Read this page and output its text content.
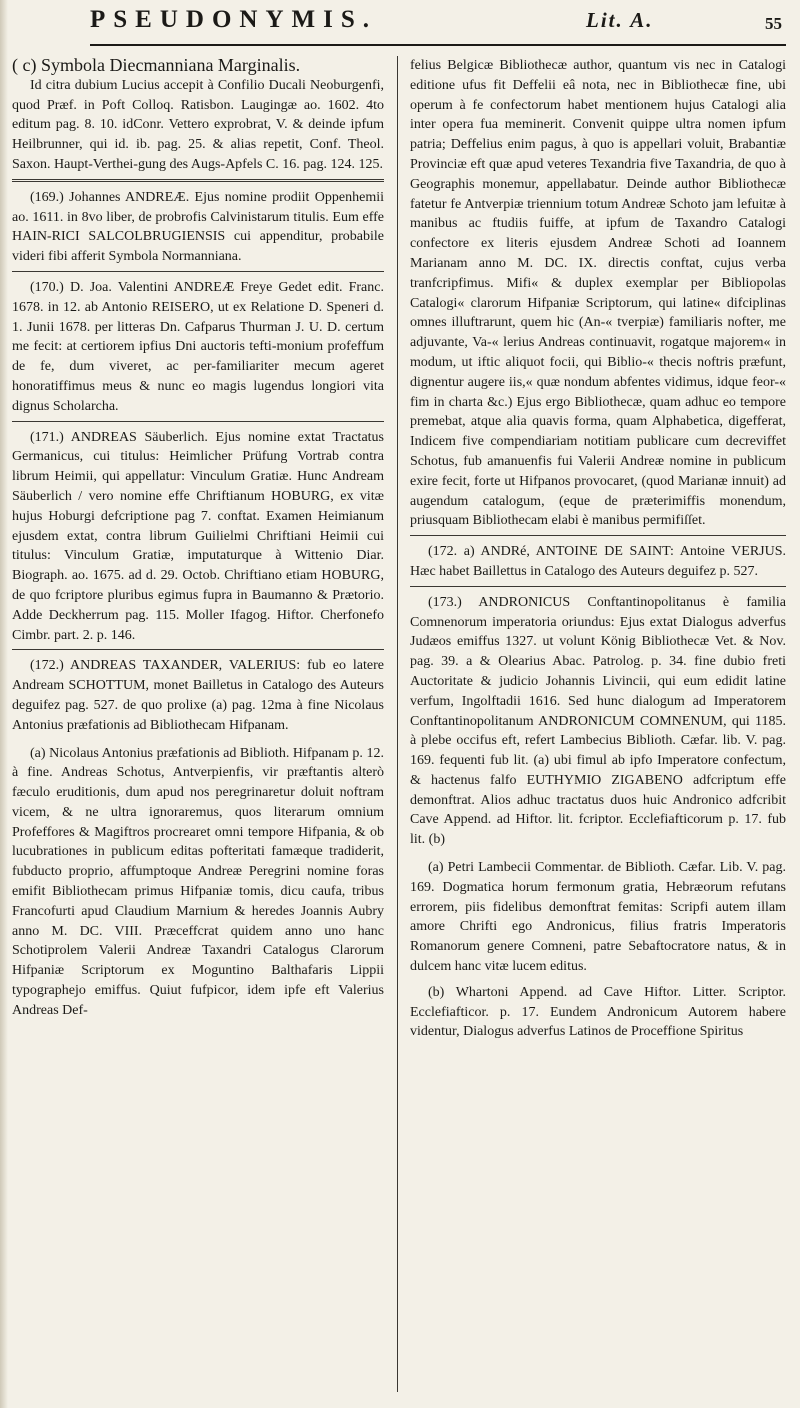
PSEUDONYMIS.	Lit. A.	55

( c) Symbola Diecmanniana Marginalis.

Id citra dubium Lucius accepit à Confilio Ducali Neoburgenfi, quod Præf. in Poft Colloq. Ratisbon. Laugingæ ao. 1602. 4to editum pag. 8. 10. idConr. Vettero exprobrat, V. & deinde ipfum Heilbrunner, qui id. ib. pag. 25. & alias repetit, Conf. Theol. Saxon. Haupt-Verthei-gung des Augs-Apfels C. 16. pag. 124. 125.

(169.) Johannes ANDREÆ. Ejus nomine prodiit Oppenhemii ao. 1611. in 8vo liber, de probrofis Calvinistarum titulis. Eum effe HAIN-RICI SALCOLBRUGIENSIS cui appenditur, probabile videri fibi afferit Symbola Normanniana.

(170.) D. Joa. Valentini ANDREÆ Freye Gedet edit. Franc. 1678. in 12. ab Antonio REISERO, ut ex Relatione D. Speneri d. 1. Junii 1678. per litteras Dn. Cafparus Thurman J. U. D. certum me fecit: at certiorem ipfius Dni auctoris tefti-monium profeffum de fe, dum viveret, ac per-familiariter mecum ageret honoratiffimus meus & nunc eo magis lugendus longiori vita dignus Scholarcha.

(171.) ANDREAS Säuberlich. Ejus nomine extat Tractatus Germanicus, cui titulus: Heimlicher Prüfung Vortrab contra librum Heimii, qui appellatur: Vinculum Gratiæ. Hunc Andream Säuberlich / vero nomine effe Chriftianum HOBURG, ex vitæ hujus Hoburgi defcriptione pag 7. conftat. Examen Heimianum ejusdem extat, contra librum Guilielmi Chriftiani Heimii cui titulus: Vinculum Gratiæ, imputaturque à Wittenio Diar. Biograph. ao. 1675. ad d. 29. Octob. Chriftiano etiam HOBURG, de quo fcriptore pluribus egimus fupra in Baumanno & Prætorio. Adde Deckherrum pag. 115. Moller Ifagog. Hiftor. Cherfonefo Cimbr. part. 2. p. 146.

(172.) ANDREAS TAXANDER, VALERIUS: fub eo latere Andream SCHOTTUM, monet Bailletus in Catalogo des Auteurs deguifez pag. 527. de quo prolixe (a) pag. 12ma à fine Nicolaus Antonius præfationis ad Bibliothecam Hifpanam.

(a) Nicolaus Antonius præfationis ad Biblioth. Hifpanam p. 12. à fine. Andreas Schotus, Antverpienfis, vir præftantis alterò fæculo eruditionis, dum apud nos peregrinaretur doluit noftram vicem, & ne ultra ignoraremus, quos literarum omnium Profeffores & Magiftros procrearet omni tempore Hifpania, & ob lucubrationes in publicum editas pofteritati famæque tradiderit, fubducto proprio, affumptoque Andreæ Peregrini nomine foras emifit Bibliothecam primus Hifpaniæ tomis, dicu caufa, tribus Francofurti apud Claudium Marnium & heredes Joannis Aubry anno M. DC. VIII. Præceffcrat quidem anno uno hanc Schotiprolem Valerii Andreæ Taxandri Catalogus Clarorum Hifpaniæ Scriptorum ex Moguntino Balthafaris Lippii typographejo emiffus. Quiut fufpicor, idem ipfe eft Valerius Andreas Def-

felius Belgicæ Bibliothecæ author, quantum vis nec in Catalogi editione ufus fit Deffelii eâ nota, nec in Bibliothecæ fine, ubi operum à fe confectorum habet mentionem hujus Catalogi alia inter opera fua meminerit. Convenit quippe ultra nomen ipfum patria; Deffelius enim pagus, à quo is appellari voluit, Brabantiæ Provinciæ eft quæ apud veteres Texandria five Taxandria, de quo à Geographis monemur, appellabatur. Deinde author Bibliothecæ fatetur fe Antverpiæ triennium totum Andreæ Schoto jam lefuitæ à manibus ac ftudiis fuiffe, at ipfum de Taxandro Catalogi confectore ex literis ejusdem Andreæ Schoti ad Ioannem Marianam anno M. DC. IX. directis conftat, cujus verba tranfcripfimus. Mifi« & duplex exemplar per Bibliopolas Catalogi« clarorum Hifpaniæ Scriptorum, qui latine« difciplinas omnes illuftrarunt, quem hic (An-« tverpiæ) familiaris nofter, me adjuvante, Va-« lerius Andreas continuavit, rogatque majorem« in modum, ut iftic aliquot focii, qui Biblio-« thecis noftris præfunt, dignentur augere iis,« quæ nondum abfentes vidimus, idque feor-« fim in charta &c.) Ejus ergo Bibliothecæ, quam adhuc eo tempore premebat, atque alia quavis forma, quam Alphabetica, digefferat, Indicem five compendiariam notitiam publicare cum decreviffet Schotus, fub amanuenfis fui Valerii Andreæ nomine in publicum exire fecit, forte ut Hifpanos provocaret, (quod Marianæ innuit) ad augendum catalogum, (eque de præterimiffis monendum, priusquam Bibliothecam elabi è manibus permifiſſet.

(172. a) ANDRé, ANTOINE DE SAINT: Antoine VERJUS. Hæc habet Baillettus in Catalogo des Auteurs deguifez p. 527.

(173.) ANDRONICUS Conftantinopolitanus è familia Comnenorum imperatoria oriundus: Ejus extat Dialogus adverfus Judæos emiffus 1327. ut volunt König Bibliothecæ Vet. & Nov. pag. 39. a & Olearius Abac. Patrolog. p. 34. fine dubio freti Auctoritate & judicio Johannis Livincii, qui eum edidit latine verfum, Ingolftadii 1616. Sed hunc dialogum ad Imperatorem Conftantinopolitanum ANDRONICUM COMNENUM, qui 1185. à plebe occifus eft, refert Lambecius Biblioth. Cæfar. lib. V. pag. 169. fequenti fub lit. (a) ubi fimul ab ipfo Imperatore confectum, & hactenus falfo EUTHYMIO ZIGABENO adfcriptum effe demonftrat. Alios adhuc tractatus duos huic Andronico adfcribit Cave Append. ad Hiftor. lit. fcriptor. Ecclefiafticorum p. 17. fub lit. (b)

(a) Petri Lambecii Commentar. de Biblioth. Cæfar. Lib. V. pag. 169. Dogmatica horum fermonum gratia, Hebræorum refutans errorem, piis fidelibus demonftrat femitas: Scripfi autem illam amore Chrifti ego Andronicus, filius fratris Imperatoris Romanorum genere Comneni, patre Sebaftocratore natus, & in dulcem hanc vitæ lucem editus.

(b) Whartoni Append. ad Cave Hiftor. Litter. Scriptor. Ecclefiafticor. p. 17. Eundem Andronicum Autorem habere videntur, Dialogus adverfus Latinos de Proceffione Spiritus
